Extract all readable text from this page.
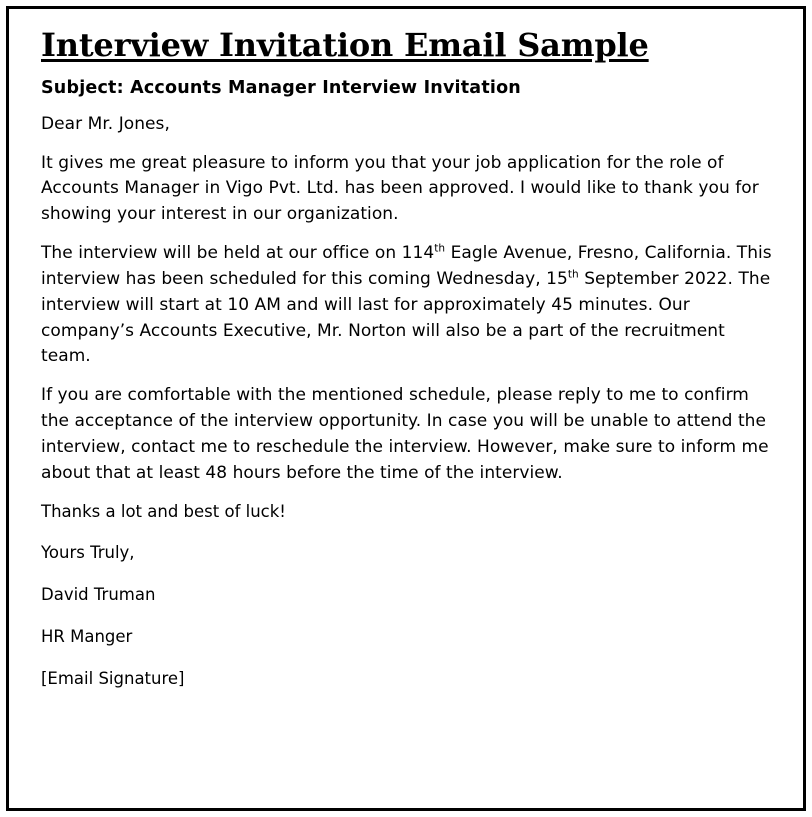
Interview Invitation Email Sample

Subject: Accounts Manager Interview Invitation

Dear Mr. Jones,

It gives me great pleasure to inform you that your job application for the role of Accounts Manager in Vigo Pvt. Ltd. has been approved. I would like to thank you for showing your interest in our organization.

The interview will be held at our office on 114th Eagle Avenue, Fresno, California. This interview has been scheduled for this coming Wednesday, 15th September 2022. The interview will start at 10 AM and will last for approximately 45 minutes. Our company’s Accounts Executive, Mr. Norton will also be a part of the recruitment team.

If you are comfortable with the mentioned schedule, please reply to me to confirm the acceptance of the interview opportunity. In case you will be unable to attend the interview, contact me to reschedule the interview. However, make sure to inform me about that at least 48 hours before the time of the interview.

Thanks a lot and best of luck!

Yours Truly,

David Truman

HR Manger

[Email Signature]
